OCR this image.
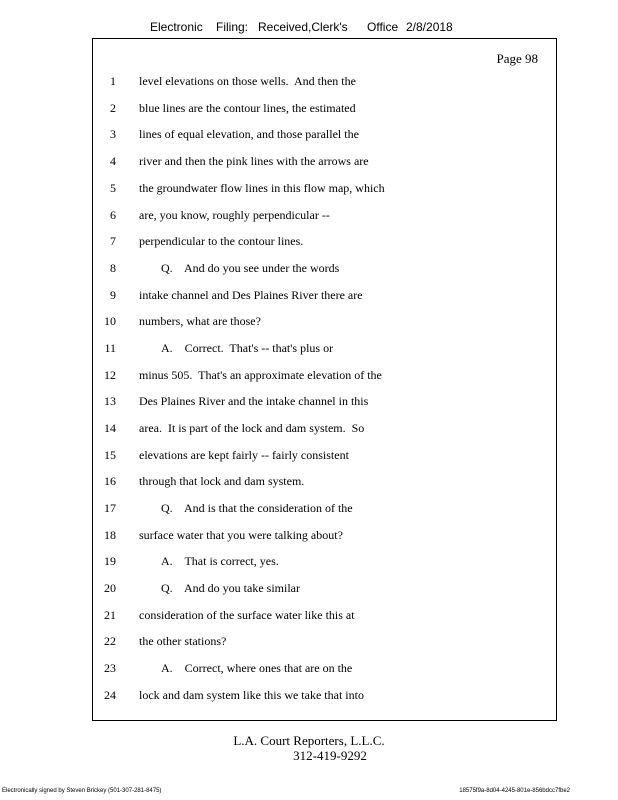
Electronic Filing: Received,Clerk's Office 2/8/2018
Page 98
1 level elevations on those wells.  And then the
2 blue lines are the contour lines, the estimated
3 lines of equal elevation, and those parallel the
4 river and then the pink lines with the arrows are
5 the groundwater flow lines in this flow map, which
6 are, you know, roughly perpendicular --
7 perpendicular to the contour lines.
8	Q.    And do you see under the words
9 intake channel and Des Plaines River there are
10 numbers, what are those?
11	A.    Correct.  That's -- that's plus or
12 minus 505.  That's an approximate elevation of the
13 Des Plaines River and the intake channel in this
14 area.  It is part of the lock and dam system.  So
15 elevations are kept fairly -- fairly consistent
16 through that lock and dam system.
17	Q.    And is that the consideration of the
18 surface water that you were talking about?
19	A.    That is correct, yes.
20	Q.    And do you take similar
21 consideration of the surface water like this at
22 the other stations?
23	A.    Correct, where ones that are on the
24 lock and dam system like this we take that into
L.A. Court Reporters, L.L.C.
312-419-9292
Electronically signed by Steven Brickey (501-307-281-8475)	18575f9a-8d04-4245-801e-856bdcc7fbe2
